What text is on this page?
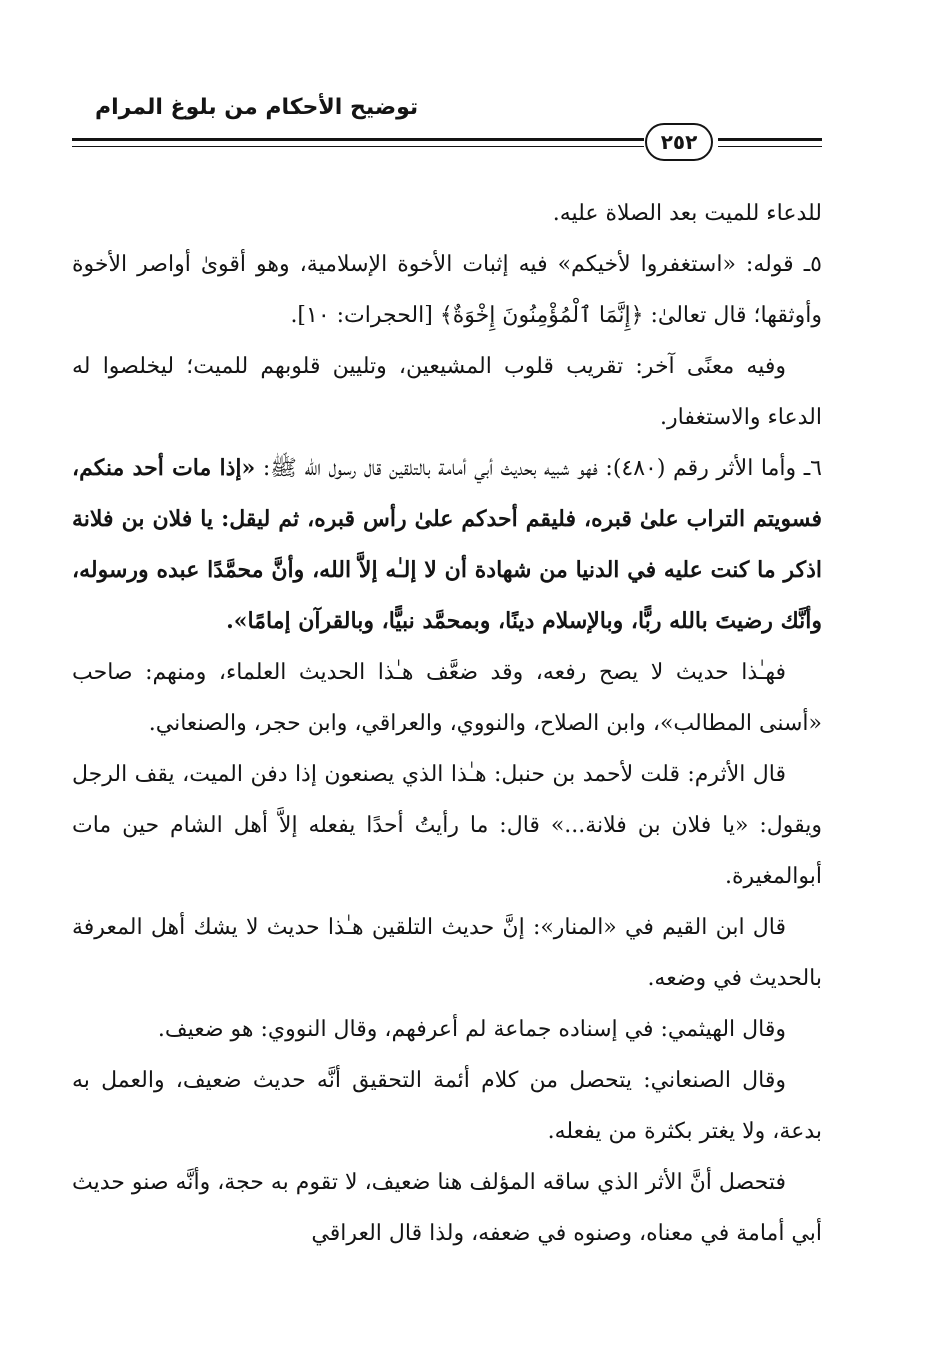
توضيح الأحكام من بلوغ المرام
٢٥٢

للدعاء للميت بعد الصلاة عليه.

٥ـ قوله: «استغفروا لأخيكم» فيه إثبات الأخوة الإسلامية، وهو أقوىٰ أواصر الأخوة وأوثقها؛ قال تعالىٰ: ﴿إِنَّمَا ٱلْمُؤْمِنُونَ إِخْوَةٌ﴾ [الحجرات: ١٠].

وفيه معنًى آخر: تقريب قلوب المشيعين، وتليين قلوبهم للميت؛ ليخلصوا له الدعاء والاستغفار.

٦ـ وأما الأثر رقم (٤٨٠): فهو شبيه بحديث أبي أمامة بالتلقين قال رسول الله ﷺ: «إذا مات أحد منكم، فسويتم التراب علىٰ قبره، فليقم أحدكم علىٰ رأس قبره، ثم ليقل: يا فلان بن فلانة اذكر ما كنت عليه في الدنيا من شهادة أن لا إلـٰه إلاَّ الله، وأنَّ محمَّدًا عبده ورسوله، وأنَّك رضيتَ بالله ربًّا، وبالإسلام دينًا، وبمحمَّد نبيًّا، وبالقرآن إمامًا».

فهـٰذا حديث لا يصح رفعه، وقد ضعَّف هـٰذا الحديث العلماء، ومنهم: صاحب «أسنى المطالب»، وابن الصلاح، والنووي، والعراقي، وابن حجر، والصنعاني.

قال الأثرم: قلت لأحمد بن حنبل: هـٰذا الذي يصنعون إذا دفن الميت، يقف الرجل ويقول: «يا فلان بن فلانة...» قال: ما رأيتُ أحدًا يفعله إلاَّ أهل الشام حين مات أبوالمغيرة.

قال ابن القيم في «المنار»: إنَّ حديث التلقين هـٰذا حديث لا يشك أهل المعرفة بالحديث في وضعه.

وقال الهيثمي: في إسناده جماعة لم أعرفهم، وقال النووي: هو ضعيف.

وقال الصنعاني: يتحصل من كلام أئمة التحقيق أنَّه حديث ضعيف، والعمل به بدعة، ولا يغتر بكثرة من يفعله.

فتحصل أنَّ الأثر الذي ساقه المؤلف هنا ضعيف، لا تقوم به حجة، وأنَّه صنو حديث أبي أمامة في معناه، وصنوه في ضعفه، ولذا قال العراقي
